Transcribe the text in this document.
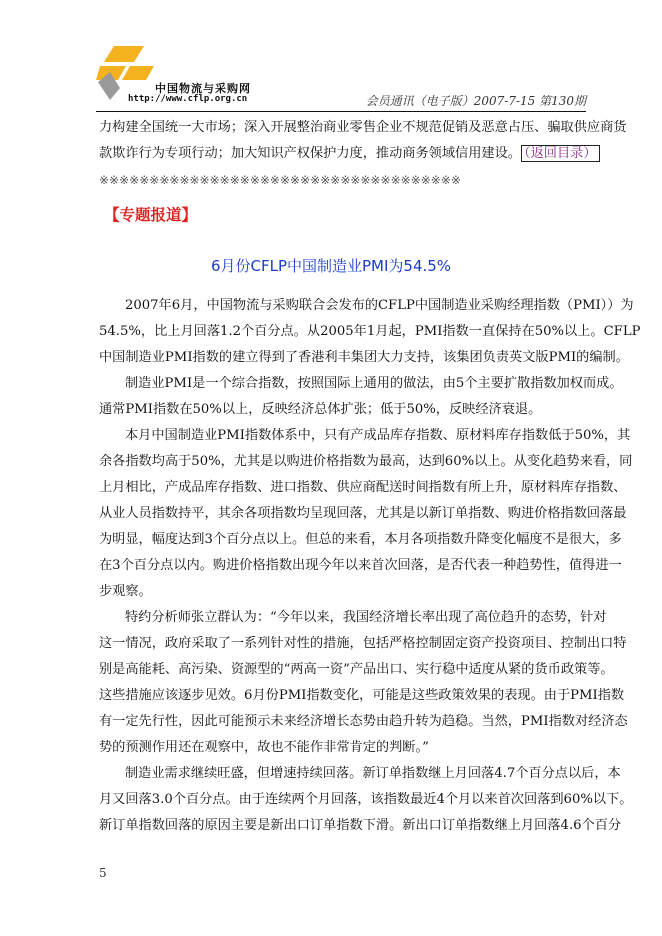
中国物流与采购网
http://www.cflp.org.cn	会员通讯（电子版）2007-7-15 第130期
力构建全国统一大市场；深入开展整治商业零售企业不规范促销及恶意占压、骗取供应商货
款欺诈行为专项行动；加大知识产权保护力度，推动商务领域信用建设。 （返回目录）
※※※※※※※※※※※※※※※※※※※※※※※※※※※※※※※※※※※※
【专题报道】
6月份CFLP中国制造业PMI为54.5%
2007年6月，中国物流与采购联合会发布的CFLP中国制造业采购经理指数（PMI））为
54.5%，比上月回落1.2个百分点。从2005年1月起，PMI指数一直保持在50%以上。CFLP
中国制造业PMI指数的建立得到了香港利丰集团大力支持，该集团负责英文版PMI的编制。
制造业PMI是一个综合指数，按照国际上通用的做法，由5个主要扩散指数加权而成。
通常PMI指数在50%以上，反映经济总体扩张；低于50%，反映经济衰退。
本月中国制造业PMI指数体系中，只有产成品库存指数、原材料库存指数低于50%，其
余各指数均高于50%，尤其是以购进价格指数为最高，达到60%以上。从变化趋势来看，同
上月相比，产成品库存指数、进口指数、供应商配送时间指数有所上升，原材料库存指数、
从业人员指数持平，其余各项指数均呈现回落，尤其是以新订单指数、购进价格指数回落最
为明显，幅度达到3个百分点以上。但总的来看，本月各项指数升降变化幅度不是很大，多
在3个百分点以内。购进价格指数出现今年以来首次回落，是否代表一种趋势性，值得进一
步观察。
特约分析师张立群认为：“今年以来，我国经济增长率出现了高位趋升的态势，针对
这一情况，政府采取了一系列针对性的措施，包括严格控制固定资产投资项目、控制出口特
别是高能耗、高污染、资源型的“两高一资”产品出口、实行稳中适度从紧的货币政策等。
这些措施应该逐步见效。6月份PMI指数变化，可能是这些政策效果的表现。由于PMI指数
有一定先行性，因此可能预示未来经济增长态势由趋升转为趋稳。当然，PMI指数对经济态
势的预测作用还在观察中，故也不能作非常肯定的判断。”
制造业需求继续旺盛，但增速持续回落。新订单指数继上月回落4.7个百分点以后，本
月又回落3.0个百分点。由于连续两个月回落，该指数最近4个月以来首次回落到60%以下。
新订单指数回落的原因主要是新出口订单指数下滑。新出口订单指数继上月回落4.6个百分
5
